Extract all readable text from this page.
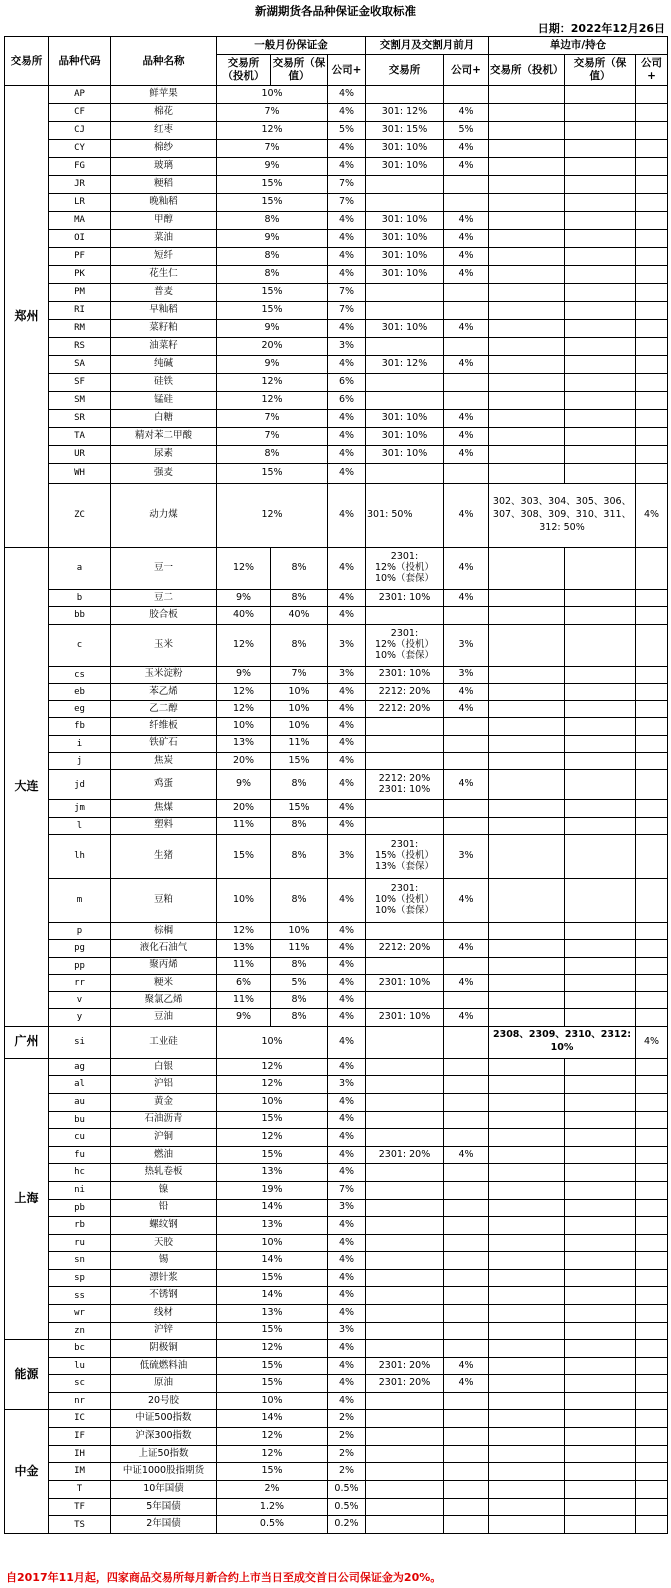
新湖期货各品种保证金收取标准
日期：2022年12月26日
交易所	品种代码	品种名称	一般月份保证金			交割月及交割月前月		单边市/持仓		
			交易所（投机）	交易所（保值）	公司+	交易所	公司+	交易所（投机）	交易所（保值）	公司+
郑州	AP	鲜苹果	10%		4%					
	CF	棉花	7%		4%	301: 12%	4%			
	CJ	红枣	12%		5%	301: 15%	5%			
	CY	棉纱	7%		4%	301: 10%	4%			
	FG	玻璃	9%		4%	301: 10%	4%			
	JR	粳稻	15%		7%					
	LR	晚籼稻	15%		7%					
	MA	甲醇	8%		4%	301: 10%	4%			
	OI	菜油	9%		4%	301: 10%	4%			
	PF	短纤	8%		4%	301: 10%	4%			
	PK	花生仁	8%		4%	301: 10%	4%			
	PM	普麦	15%		7%					
	RI	早籼稻	15%		7%					
	RM	菜籽粕	9%		4%	301: 10%	4%			
	RS	油菜籽	20%		3%					
	SA	纯碱	9%		4%	301: 12%	4%			
	SF	硅铁	12%		6%					
	SM	锰硅	12%		6%					
	SR	白糖	7%		4%	301: 10%	4%			
	TA	精对苯二甲酸	7%		4%	301: 10%	4%			
	UR	尿素	8%		4%	301: 10%	4%			
	WH	强麦	15%		4%					
	ZC	动力煤	12%		4%	301: 50%	4%	302、303、304、305、306、307、308、309、310、311、312: 50%		4%
大连	a	豆一	12%	8%	4%	2301:
12%（投机）
10%（套保）	4%			
	b	豆二	9%	8%	4%	2301: 10%	4%			
	bb	胶合板	40%	40%	4%					
	c	玉米	12%	8%	3%	2301:
12%（投机）
10%（套保）	3%			
	cs	玉米淀粉	9%	7%	3%	2301: 10%	3%			
	eb	苯乙烯	12%	10%	4%	2212: 20%	4%			
	eg	乙二醇	12%	10%	4%	2212: 20%	4%			
	fb	纤维板	10%	10%	4%					
	i	铁矿石	13%	11%	4%					
	j	焦炭	20%	15%	4%					
	jd	鸡蛋	9%	8%	4%	2212: 20%
2301: 10%	4%			
	jm	焦煤	20%	15%	4%					
	l	塑料	11%	8%	4%					
	lh	生猪	15%	8%	3%	2301:
15%（投机）
13%（套保）	3%			
	m	豆粕	10%	8%	4%	2301:
10%（投机）
10%（套保）	4%			
	p	棕榈	12%	10%	4%					
	pg	液化石油气	13%	11%	4%	2212: 20%	4%			
	pp	聚丙烯	11%	8%	4%					
	rr	粳米	6%	5%	4%	2301: 10%	4%			
	v	聚氯乙烯	11%	8%	4%					
	y	豆油	9%	8%	4%	2301: 10%	4%			
广州	si	工业硅	10%		4%			2308、2309、2310、2312: 10%		4%
上海	ag	白银	12%		4%					
	al	沪铝	12%		3%					
	au	黄金	10%		4%					
	bu	石油沥青	15%		4%					
	cu	沪铜	12%		4%					
	fu	燃油	15%		4%	2301: 20%	4%			
	hc	热轧卷板	13%		4%					
	ni	镍	19%		7%					
	pb	铅	14%		3%					
	rb	螺纹钢	13%		4%					
	ru	天胶	10%		4%					
	sn	锡	14%		4%					
	sp	漂针浆	15%		4%					
	ss	不锈钢	14%		4%					
	wr	线材	13%		4%					
	zn	沪锌	15%		3%					
能源	bc	阴极铜	12%		4%					
	lu	低硫燃料油	15%		4%	2301: 20%	4%			
	sc	原油	15%		4%	2301: 20%	4%			
	nr	20号胶	10%		4%					
中金	IC	中证500指数	14%		2%					
	IF	沪深300指数	12%		2%					
	IH	上证50指数	12%		2%					
	IM	中证1000股指期货	15%		2%					
	T	10年国债	2%		0.5%					
	TF	5年国债	1.2%		0.5%					
	TS	2年国债	0.5%		0.2%					
自2017年11月起，四家商品交易所每月新合约上市当日至成交首日公司保证金为20%。
